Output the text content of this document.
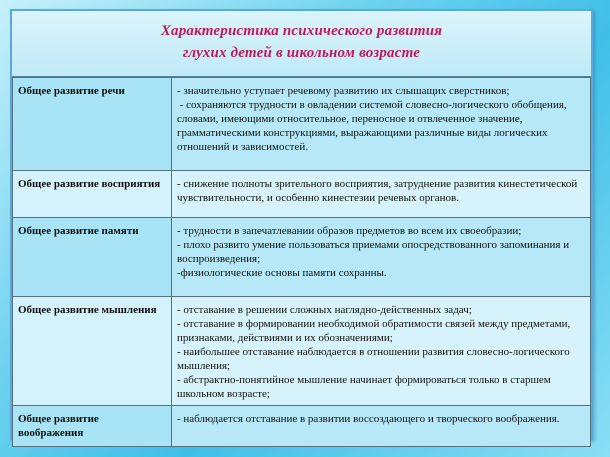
Характеристика психического развития
глухих детей в школьном возрасте
Общее развитие речи	- значительно уступает речевому развитию их слышащих сверстников;
- сохраняются трудности в овладении системой словесно-логического обобщения, словами, имеющими относительное, переносное и отвлеченное значение, грамматическими конструкциями, выражающими различные виды логических отношений и зависимостей.

Общее развитие восприятия	- снижение полноты зрительного восприятия, затруднение развития кинестетической чувствительности, и особенно кинестезии речевых органов.

Общее развитие памяти	- трудности в запечатлевании образов предметов во всем их своеобразии;
- плохо развито умение пользоваться приемами опосредствованного запоминания и воспроизведения;
-физиологические основы памяти сохранны.

Общее развитие мышления	- отставание в решении сложных наглядно-действенных задач;
- отставание в формировании необходимой обратимости связей между предметами, признаками, действиями и их обозначениями;
- наибольшее отставание наблюдается в отношении развития словесно-логического мышления;
- абстрактно-понятийное мышление начинает формироваться только в старшем школьном возрасте;

Общее развитие воображения	- наблюдается отставание в развитии воссоздающего и творческого воображения.
